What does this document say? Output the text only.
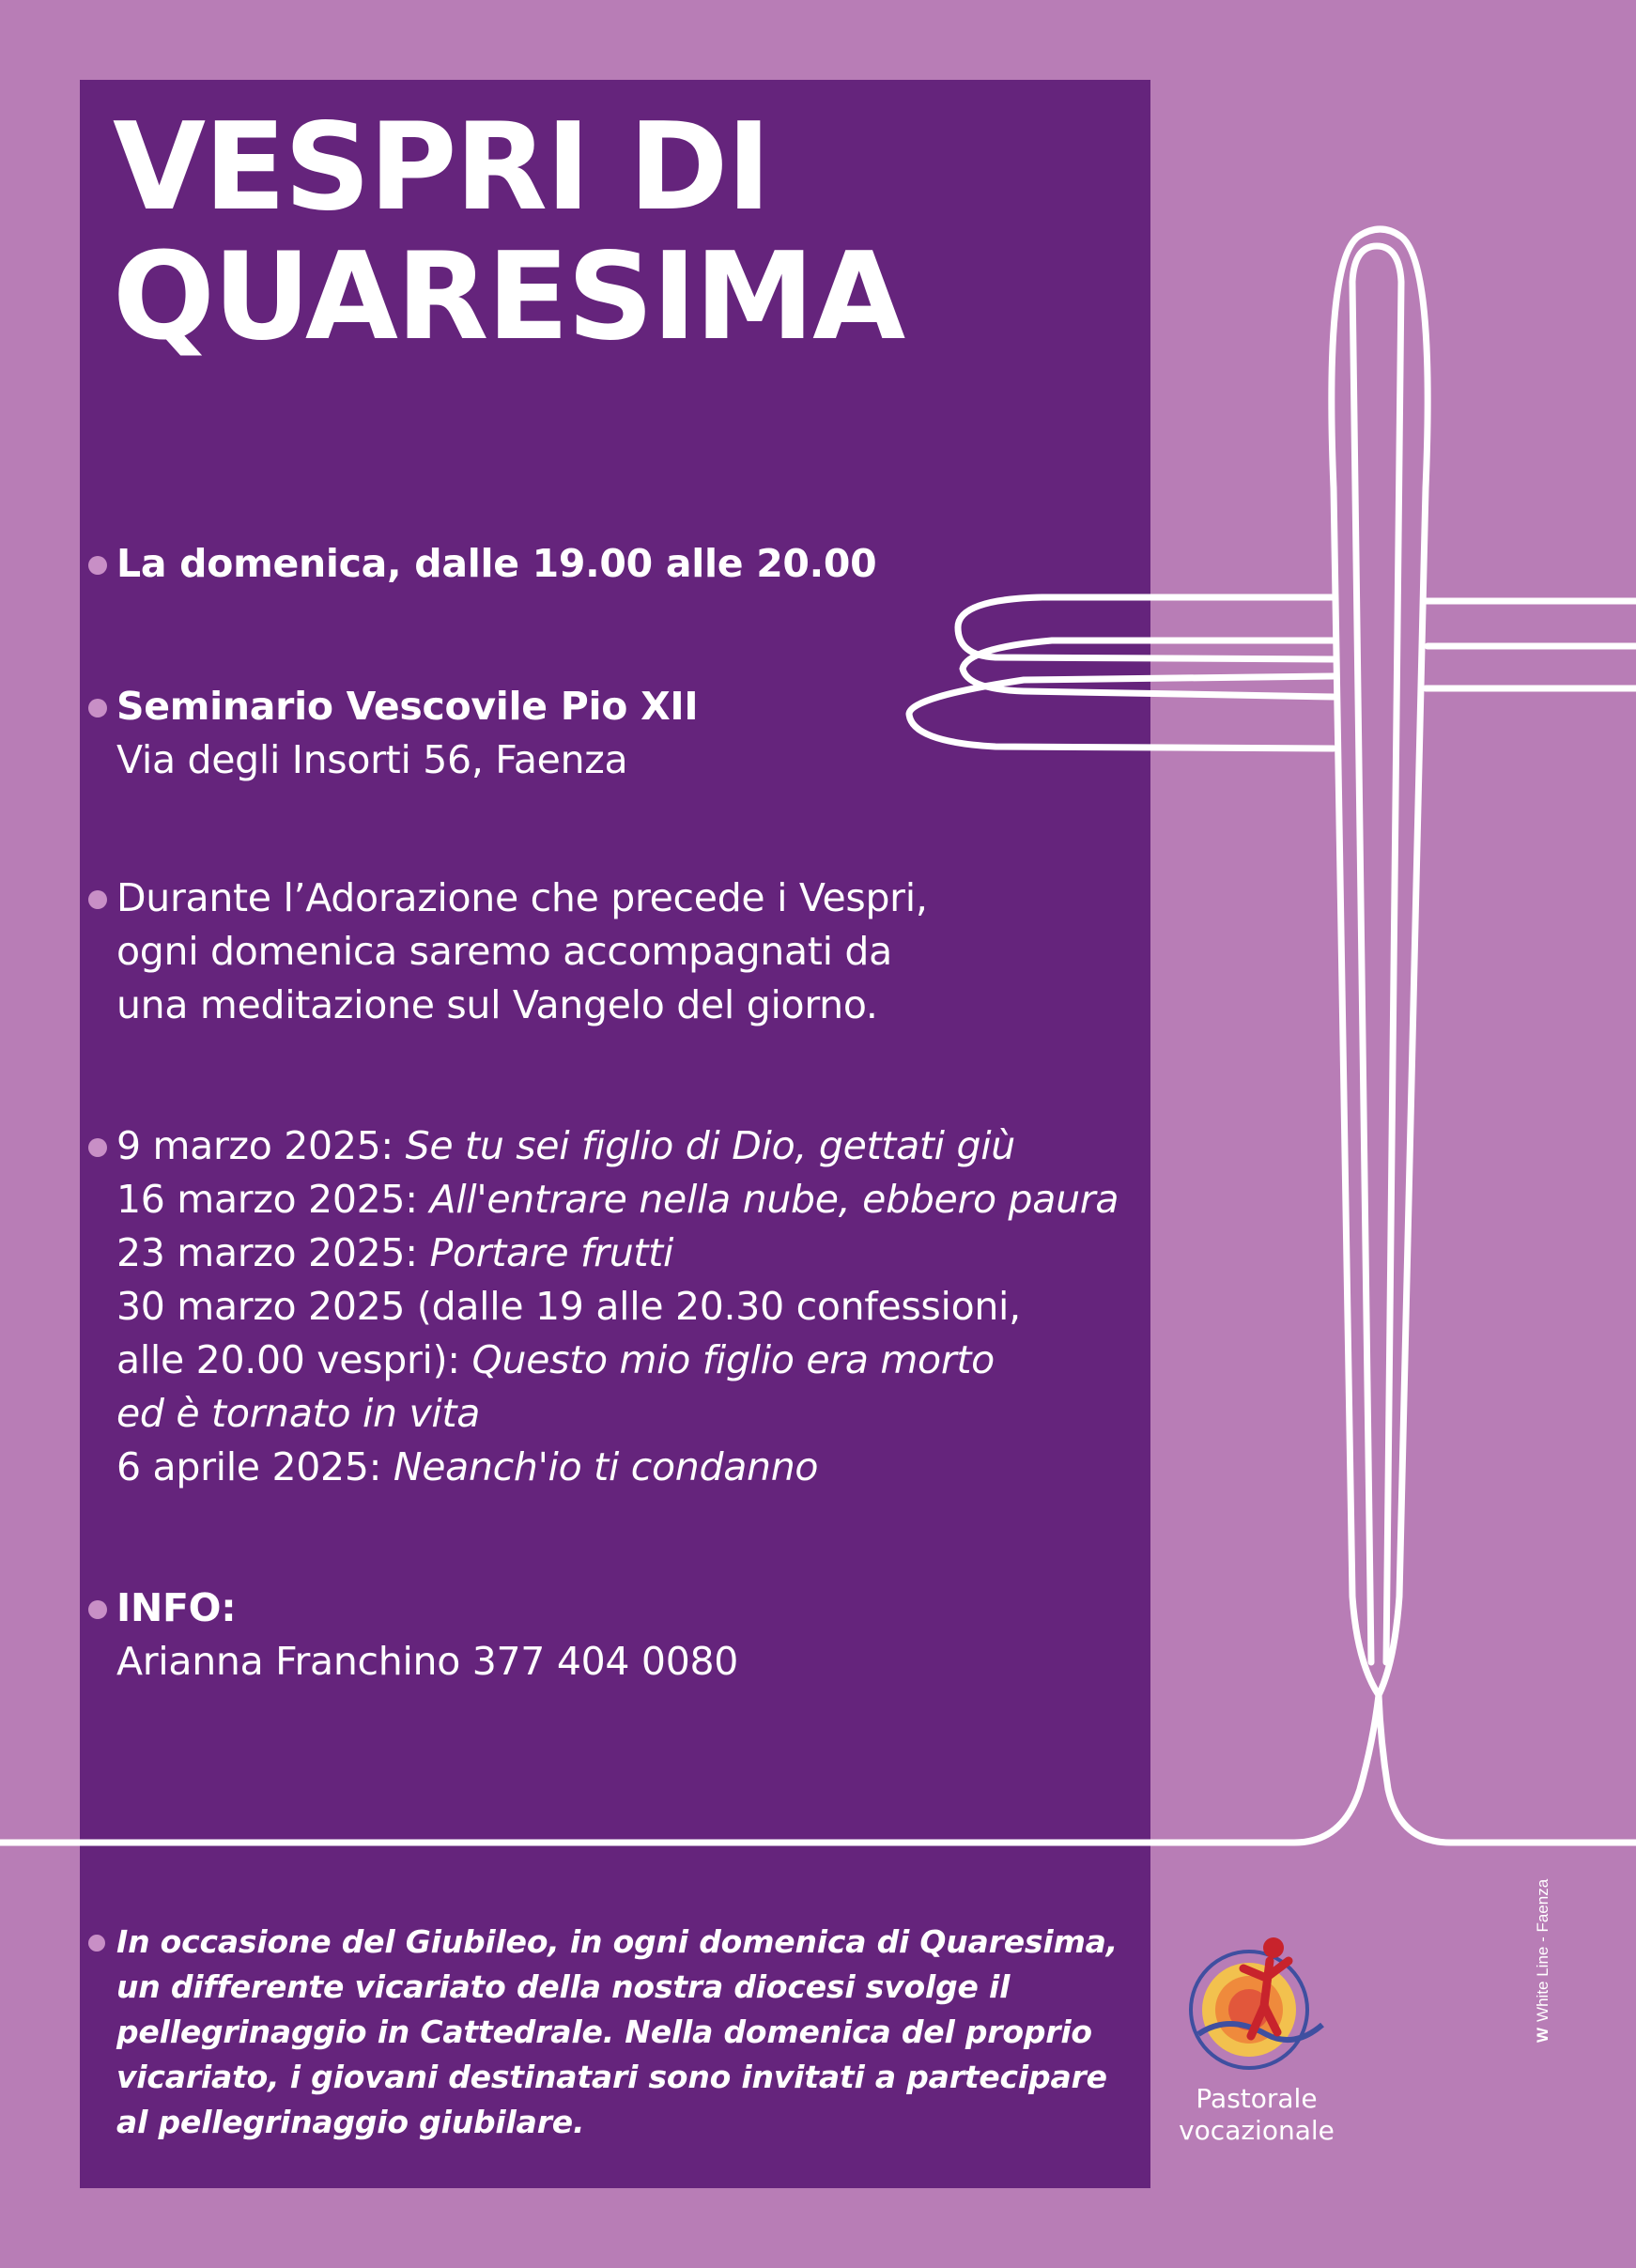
VESPRI DI
QUARESIMA
La domenica, dalle 19.00 alle 20.00
Seminario Vescovile Pio XII
Via degli Insorti 56, Faenza
Durante l’Adorazione che precede i Vespri,
ogni domenica saremo accompagnati da
una meditazione sul Vangelo del giorno.
9 marzo 2025: Se tu sei figlio di Dio, gettati giù
16 marzo 2025: All'entrare nella nube, ebbero paura
23 marzo 2025: Portare frutti
30 marzo 2025 (dalle 19 alle 20.30 confessioni,
alle 20.00 vespri): Questo mio figlio era morto
ed è tornato in vita
6 aprile 2025: Neanch'io ti condanno
INFO:
Arianna Franchino 377 404 0080
In occasione del Giubileo, in ogni domenica di Quaresima,
un differente vicariato della nostra diocesi svolge il
pellegrinaggio in Cattedrale. Nella domenica del proprio
vicariato, i giovani destinatari sono invitati a partecipare
al pellegrinaggio giubilare.
Pastorale
vocazionale
WWhite Line - Faenza
